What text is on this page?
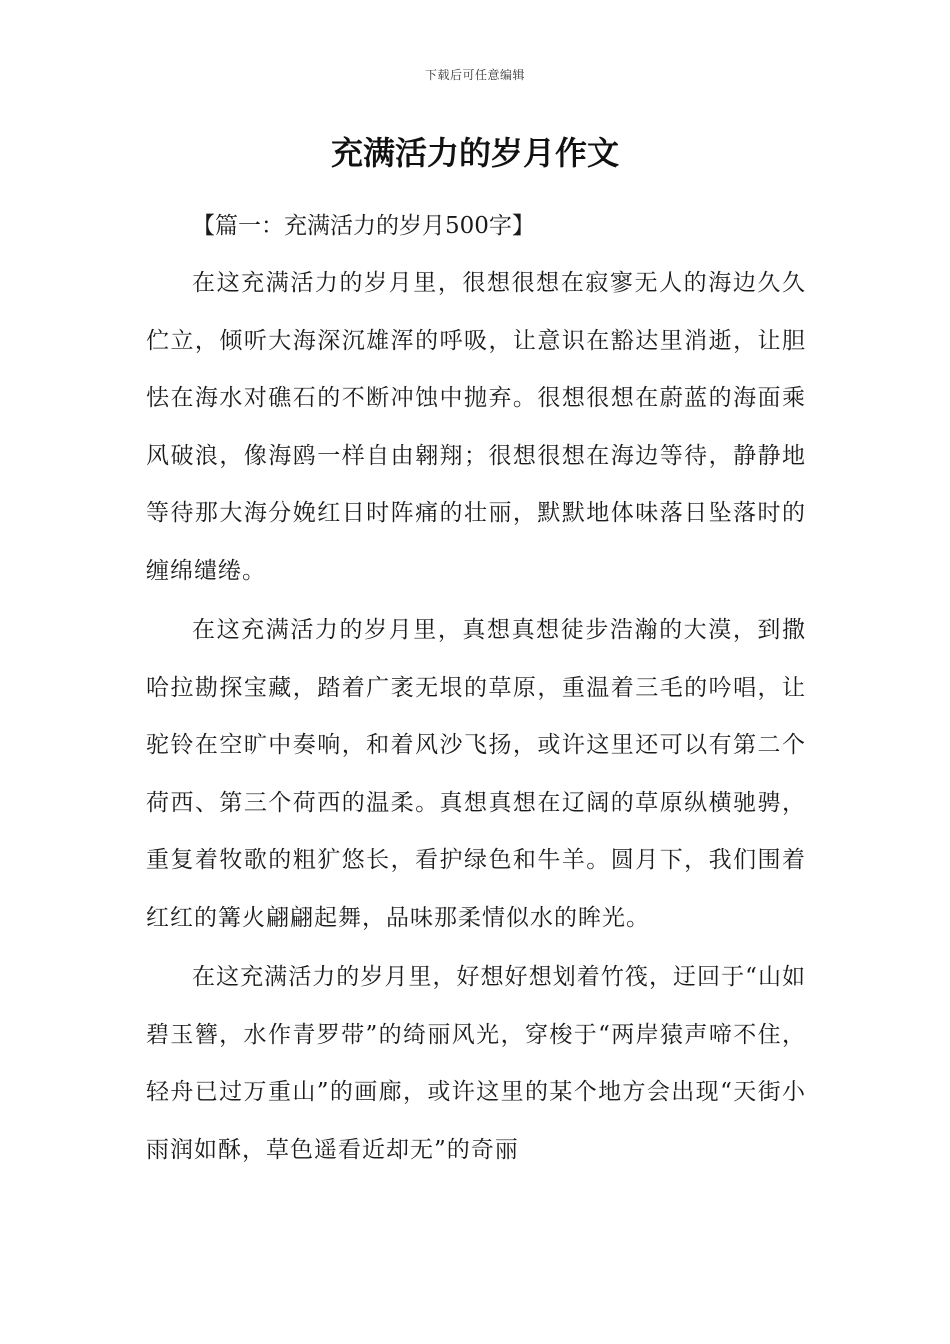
下载后可任意编辑
充满活力的岁月作文

【篇一：充满活力的岁月500字】

在这充满活力的岁月里，很想很想在寂寥无人的海边久久伫立，倾听大海深沉雄浑的呼吸，让意识在豁达里消逝，让胆怯在海水对礁石的不断冲蚀中抛弃。很想很想在蔚蓝的海面乘风破浪，像海鸥一样自由翱翔；很想很想在海边等待，静静地等待那大海分娩红日时阵痛的壮丽，默默地体味落日坠落时的缠绵缱绻。

在这充满活力的岁月里，真想真想徒步浩瀚的大漠，到撒哈拉勘探宝藏，踏着广袤无垠的草原，重温着三毛的吟唱，让驼铃在空旷中奏响，和着风沙飞扬，或许这里还可以有第二个荷西、第三个荷西的温柔。真想真想在辽阔的草原纵横驰骋，重复着牧歌的粗犷悠长，看护绿色和牛羊。圆月下，我们围着红红的篝火翩翩起舞，品味那柔情似水的眸光。

在这充满活力的岁月里，好想好想划着竹筏，迂回于“山如碧玉簪，水作青罗带”的绮丽风光，穿梭于“两岸猿声啼不住，轻舟已过万重山”的画廊，或许这里的某个地方会出现“天街小雨润如酥，草色遥看近却无”的奇丽
